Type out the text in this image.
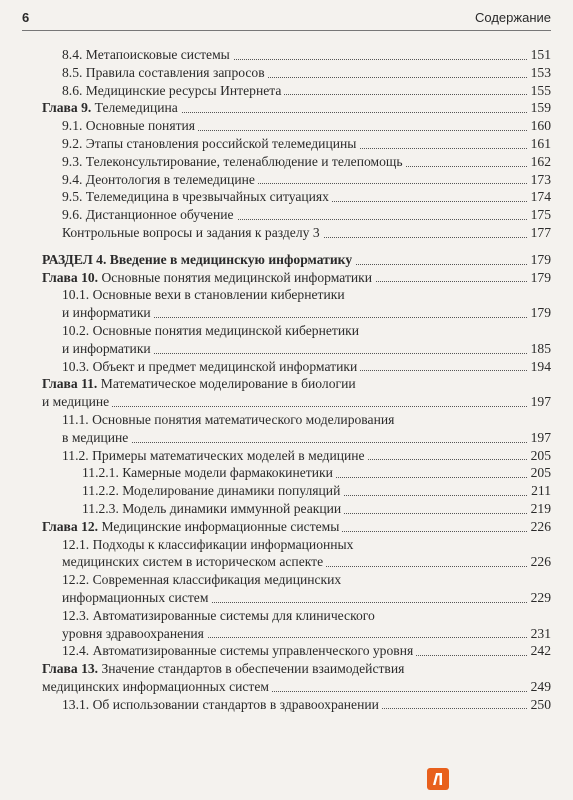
6	Содержание
8.4. Метапоисковые системы	151
8.5. Правила составления запросов	153
8.6. Медицинские ресурсы Интернета	155
Глава 9. Телемедицина	159
9.1. Основные понятия	160
9.2. Этапы становления российской телемедицины	161
9.3. Телеконсультирование, теленаблюдение и телепомощь	162
9.4. Деонтология в телемедицине	173
9.5. Телемедицина в чрезвычайных ситуациях	174
9.6. Дистанционное обучение	175
Контрольные вопросы и задания к разделу 3	177
РАЗДЕЛ 4. Введение в медицинскую информатику	179
Глава 10. Основные понятия медицинской информатики	179
10.1. Основные вехи в становлении кибернетики
и информатики	179
10.2. Основные понятия медицинской кибернетики
и информатики	185
10.3. Объект и предмет медицинской информатики	194
Глава 11. Математическое моделирование в биологии
и медицине	197
11.1. Основные понятия математического моделирования
в медицине	197
11.2. Примеры математических моделей в медицине	205
11.2.1. Камерные модели фармакокинетики	205
11.2.2. Моделирование динамики популяций	211
11.2.3. Модель динамики иммунной реакции	219
Глава 12. Медицинские информационные системы	226
12.1. Подходы к классификации информационных
медицинских систем в историческом аспекте	226
12.2. Современная классификация медицинских
информационных систем	229
12.3. Автоматизированные системы для клинического
уровня здравоохранения	231
12.4. Автоматизированные системы управленческого уровня	242
Глава 13. Значение стандартов в обеспечении взаимодействия
медицинских информационных систем	249
13.1. Об использовании стандартов в здравоохранении	250
